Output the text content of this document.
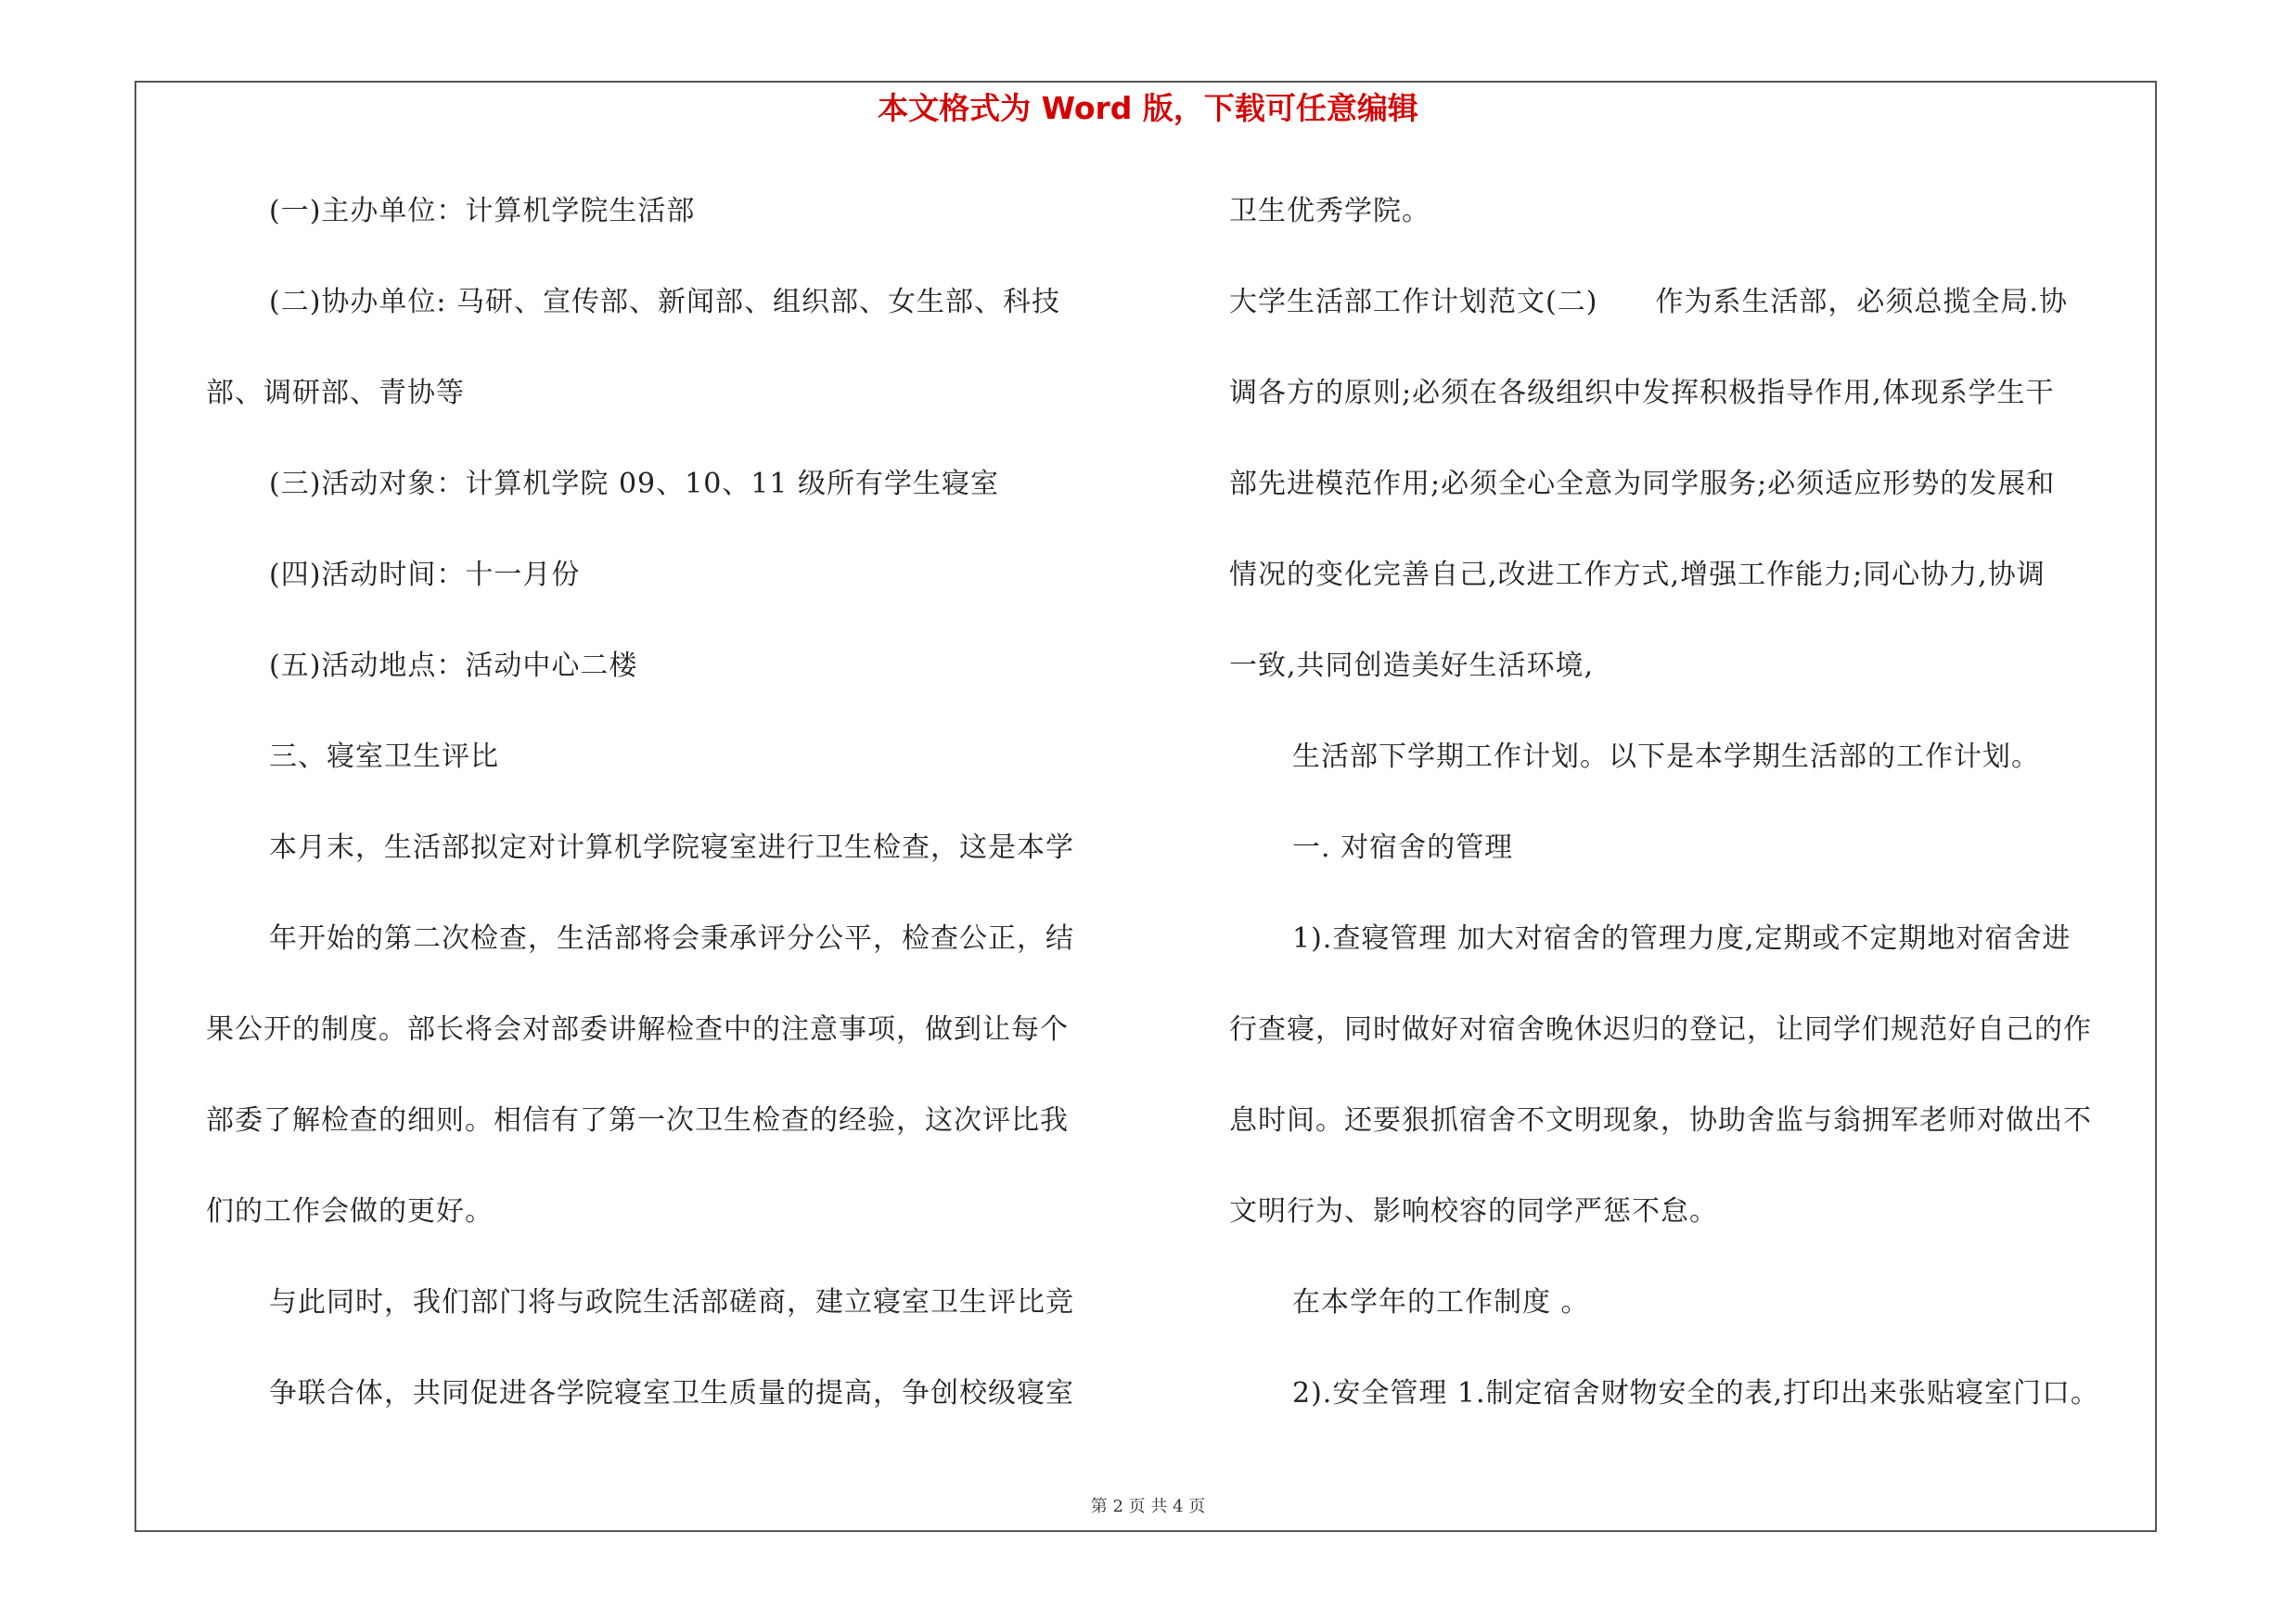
本文格式为 Word 版，下载可任意编辑

(一)主办单位：计算机学院生活部

(二)协办单位: 马研、宣传部、新闻部、组织部、女生部、科技

部、调研部、青协等

(三)活动对象：计算机学院 09、10、11 级所有学生寝室

(四)活动时间：十一月份

(五)活动地点：活动中心二楼

三、寝室卫生评比

本月末，生活部拟定对计算机学院寝室进行卫生检查，这是本学

年开始的第二次检查，生活部将会秉承评分公平，检查公正，结

果公开的制度。部长将会对部委讲解检查中的注意事项，做到让每个

部委了解检查的细则。相信有了第一次卫生检查的经验，这次评比我

们的工作会做的更好。

与此同时，我们部门将与政院生活部磋商，建立寝室卫生评比竞

争联合体，共同促进各学院寝室卫生质量的提高，争创校级寝室

卫生优秀学院。

大学生活部工作计划范文(二)　　作为系生活部，必须总揽全局.协

调各方的原则;必须在各级组织中发挥积极指导作用,体现系学生干

部先进模范作用;必须全心全意为同学服务;必须适应形势的发展和

情况的变化完善自己,改进工作方式,增强工作能力;同心协力,协调

一致,共同创造美好生活环境,

生活部下学期工作计划。以下是本学期生活部的工作计划。

一. 对宿舍的管理

1).查寝管理 加大对宿舍的管理力度,定期或不定期地对宿舍进

行查寝，同时做好对宿舍晚休迟归的登记，让同学们规范好自己的作

息时间。还要狠抓宿舍不文明现象，协助舍监与翁拥军老师对做出不

文明行为、影响校容的同学严惩不怠。

在本学年的工作制度 。

2).安全管理 1.制定宿舍财物安全的表,打印出来张贴寝室门口。

第 2 页 共 4 页
